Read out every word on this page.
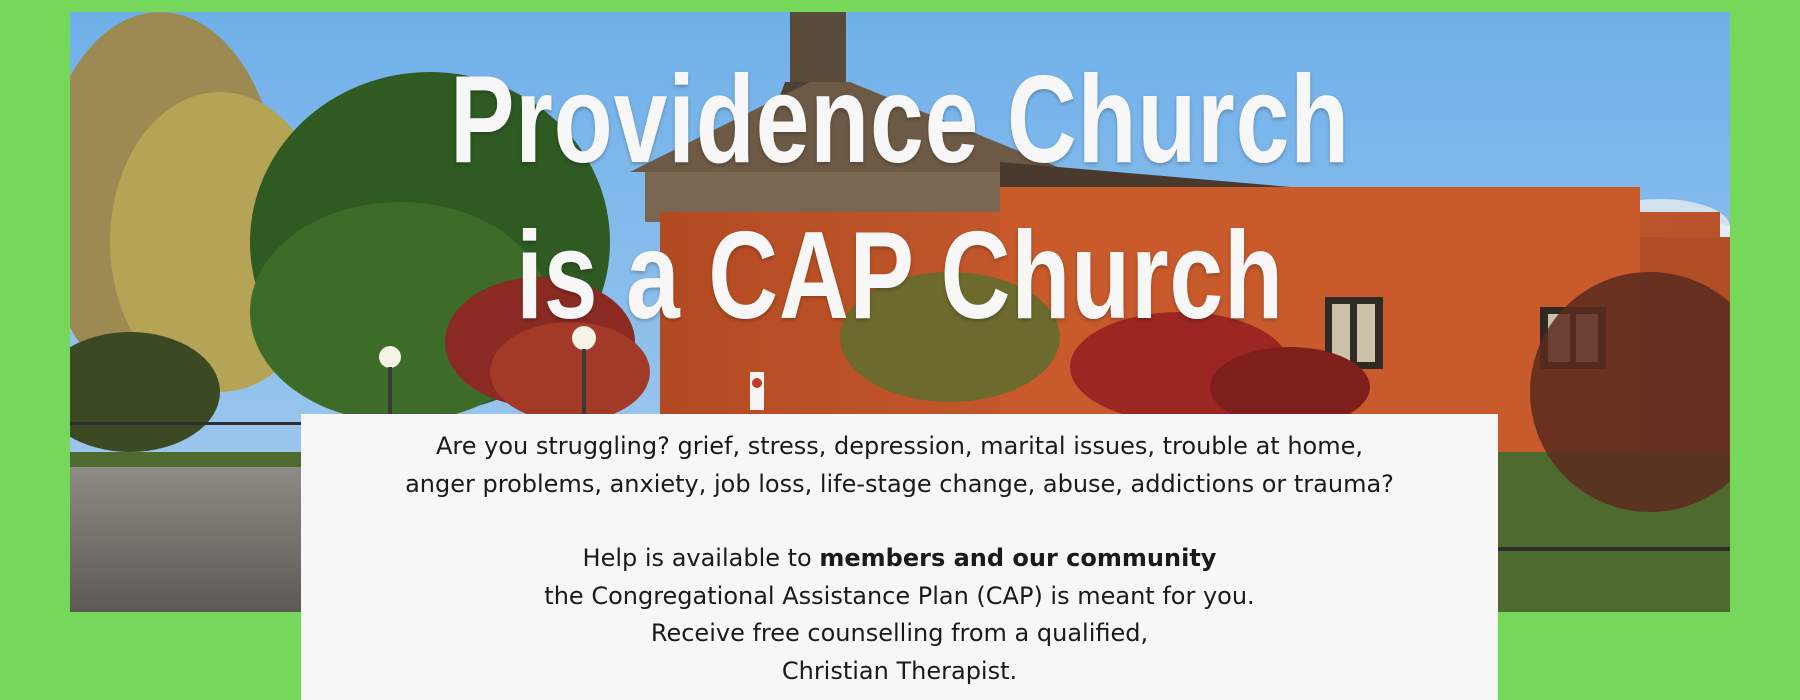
Providence Church
is a CAP Church

Are you struggling? grief, stress, depression, marital issues, trouble at home,

anger problems, anxiety, job loss, life-stage change, abuse, addictions or trauma?

Help is available to members and our community

the Congregational Assistance Plan (CAP) is meant for you.

Receive free counselling from a qualified,

Christian Therapist.
